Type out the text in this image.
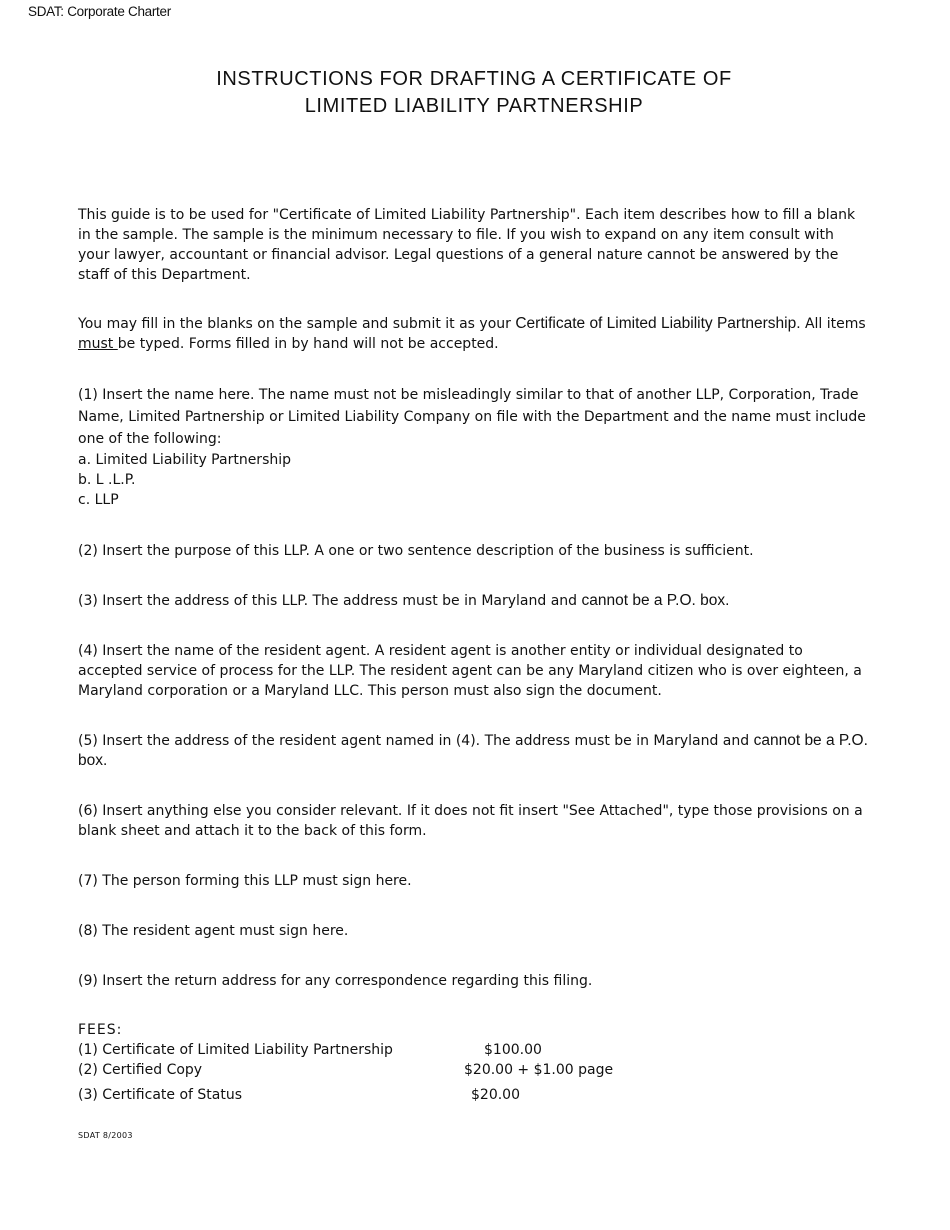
SDAT: Corporate Charter
INSTRUCTIONS FOR DRAFTING A CERTIFICATE OF
LIMITED LIABILITY PARTNERSHIP

This guide is to be used for "Certificate of Limited Liability Partnership". Each item describes how to fill a blank in the sample. The sample is the minimum necessary to file. If you wish to expand on any item consult with your lawyer, accountant or financial advisor. Legal questions of a general nature cannot be answered by the staff of this Department.

You may fill in the blanks on the sample and submit it as your Certificate of Limited Liability Partnership. All items must be typed. Forms filled in by hand will not be accepted.

(1) Insert the name here. The name must not be misleadingly similar to that of another LLP, Corporation, Trade Name, Limited Partnership or Limited Liability Company on file with the Department and the name must include one of the following:

a. Limited Liability Partnership
b. L .L.P.
c. LLP

(2) Insert the purpose of this LLP. A one or two sentence description of the business is sufficient.

(3) Insert the address of this LLP. The address must be in Maryland and cannot be a P.O. box.

(4) Insert the name of the resident agent. A resident agent is another entity or individual designated to accepted service of process for the LLP. The resident agent can be any Maryland citizen who is over eighteen, a Maryland corporation or a Maryland LLC. This person must also sign the document.

(5) Insert the address of the resident agent named in (4). The address must be in Maryland and cannot be a P.O. box.

(6) Insert anything else you consider relevant. If it does not fit insert "See Attached", type those provisions on a blank sheet and attach it to the back of this form.

(7) The person forming this LLP must sign here.

(8) The resident agent must sign here.

(9) Insert the return address for any correspondence regarding this filing.

FEES:
(1) Certificate of Limited Liability Partnership	$100.00
(2) Certified Copy	$20.00 + $1.00 page
(3) Certificate of Status	$20.00
SDAT 8/2003
